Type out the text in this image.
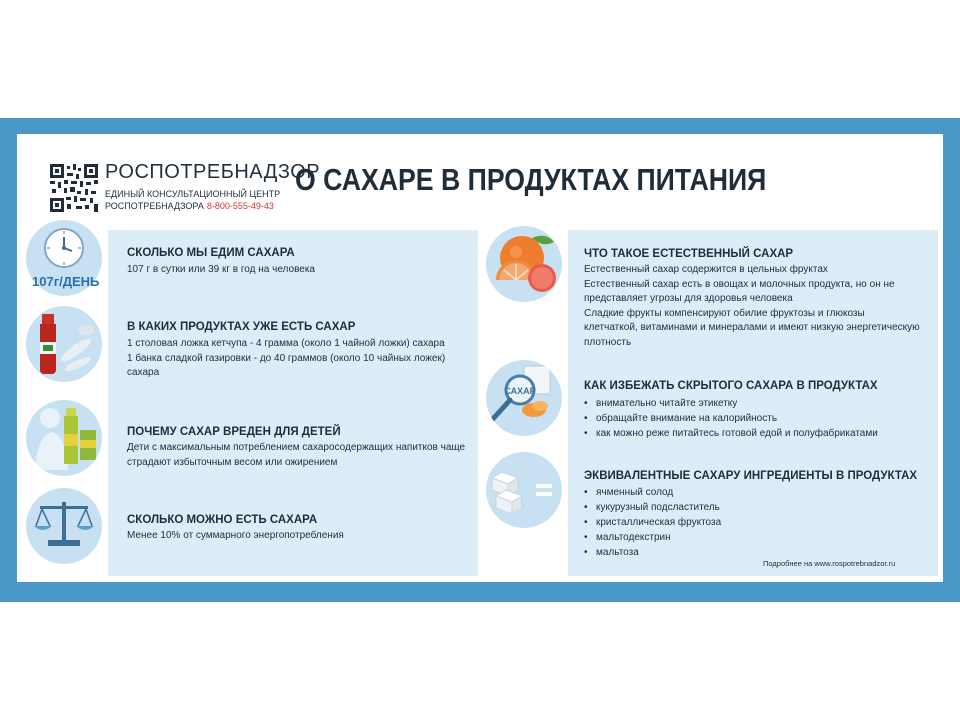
РОСПОТРЕБНАДЗОР
ЕДИНЫЙ КОНСУЛЬТАЦИОННЫЙ ЦЕНТР
РОСПОТРЕБНАДЗОРА 8-800-555-49-43
О САХАРЕ В ПРОДУКТАХ ПИТАНИЯ
107г/ДЕНЬ
СКОЛЬКО МЫ ЕДИМ САХАРА
107 г в сутки или 39 кг в год на человека
В КАКИХ ПРОДУКТАХ УЖЕ ЕСТЬ САХАР
1 столовая ложка кетчупа - 4 грамма (около 1 чайной ложки) сахара
1 банка сладкой газировки - до 40 граммов (около 10 чайных ложек)
сахара
ПОЧЕМУ САХАР ВРЕДЕН ДЛЯ ДЕТЕЙ
Дети с максимальным потреблением сахаросодержащих напитков чаще
страдают избыточным весом или ожирением
СКОЛЬКО МОЖНО ЕСТЬ САХАРА
Менее 10% от суммарного энергопотребления
САХАР
ЧТО ТАКОЕ ЕСТЕСТВЕННЫЙ САХАР
Естественный сахар содержится в цельных фруктах
Естественный сахар есть в овощах и молочных продукта, но он не
представляет угрозы для здоровья человека
Сладкие фрукты компенсируют обилие фруктозы и глюкозы
клетчаткой, витаминами и минералами и имеют низкую энергетическую
плотность
КАК ИЗБЕЖАТЬ СКРЫТОГО САХАРА В ПРОДУКТАХ
• внимательно читайте этикетку
• обращайте внимание на калорийность
• как можно реже питайтесь готовой едой и полуфабрикатами
ЭКВИВАЛЕНТНЫЕ САХАРУ ИНГРЕДИЕНТЫ В ПРОДУКТАХ
• ячменный солод
• кукурузный подсластитель
• кристаллическая фруктоза
• мальтодекстрин
• мальтоза
Подробнее на www.rospotrebnadzor.ru
